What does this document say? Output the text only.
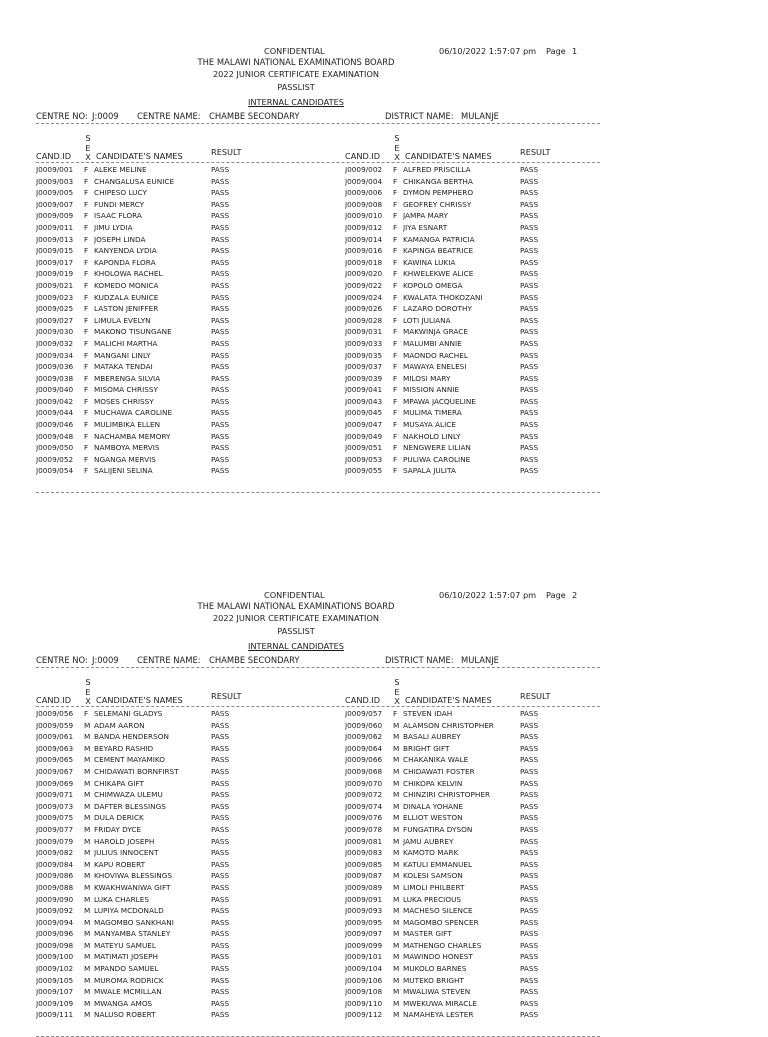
CONFIDENTIAL	06/10/2022 1:57:07 pm Page 1
THE MALAWI NATIONAL EXAMINATIONS BOARD
2022 JUNIOR CERTIFICATE EXAMINATION
PASSLIST
INTERNAL CANDIDATES
CENTRE NO: J:0009 CENTRE NAME: CHAMBE SECONDARY	DISTRICT NAME: MULANJE
CAND.ID
S
E
X CANDIDATE'S NAMES	RESULT
J0009/001	F ALEKE MELINE	PASS
J0009/003	F CHANGALUSA EUNICE	PASS
J0009/005	F CHIPESO LUCY	PASS
J0009/007	F FUNDI MERCY	PASS
J0009/009	F ISAAC FLORA	PASS
J0009/011	F JIMU LYDIA	PASS
J0009/013	F JOSEPH LINDA	PASS
J0009/015	F KANYENDA LYDIA	PASS
J0009/017	F KAPONDA FLORA	PASS
J0009/019	F KHOLOWA RACHEL	PASS
J0009/021	F KOMEDO MONICA	PASS
J0009/023	F KUDZALA EUNICE	PASS
J0009/025	F LASTON JENIFFER	PASS
J0009/027	F LIMULA EVELYN	PASS
J0009/030	F MAKONO TISUNGANE	PASS
J0009/032	F MALICHI MARTHA	PASS
J0009/034	F MANGANI LINLY	PASS
J0009/036	F MATAKA TENDAI	PASS
J0009/038	F MBERENGA SILVIA	PASS
J0009/040	F MISOMA CHRISSY	PASS
J0009/042	F MOSES CHRISSY	PASS
J0009/044	F MUCHAWA CAROLINE	PASS
J0009/046	F MULIMBIKA ELLEN	PASS
J0009/048	F NACHAMBA MEMORY	PASS
J0009/050	F NAMBOYA MERVIS	PASS
J0009/052	F NGANGA MERVIS	PASS
J0009/054	F SALIJENI SELINA	PASS
CAND.ID
S
E
X CANDIDATE'S NAMES	RESULT
J0009/002	F ALFRED PRISCILLA	PASS
J0009/004	F CHIKANGA BERTHA	PASS
J0009/006	F DYMON PEMPHERO	PASS
J0009/008	F GEOFREY CHRISSY	PASS
J0009/010	F JAMPA MARY	PASS
J0009/012	F JIYA ESNART	PASS
J0009/014	F KAMANGA PATRICIA	PASS
J0009/016	F KAPINGA BEATRICE	PASS
J0009/018	F KAWINA LUKIA	PASS
J0009/020	F KHWELEKWE ALICE	PASS
J0009/022	F KOPOLO OMEGA	PASS
J0009/024	F KWALATA THOKOZANI	PASS
J0009/026	F LAZARO DOROTHY	PASS
J0009/028	F LOTI JULIANA	PASS
J0009/031	F MAKWINJA GRACE	PASS
J0009/033	F MALUMBI ANNIE	PASS
J0009/035	F MAONDO RACHEL	PASS
J0009/037	F MAWAYA ENELESI	PASS
J0009/039	F MILOSI MARY	PASS
J0009/041	F MISSION ANNIE	PASS
J0009/043	F MPAWA JACQUELINE	PASS
J0009/045	F MULIMA TIMERA	PASS
J0009/047	F MUSAYA ALICE	PASS
J0009/049	F NAKHOLO LINLY	PASS
J0009/051	F NENGWERE LILIAN	PASS
J0009/053	F PULIWA CAROLINE	PASS
J0009/055	F SAPALA JULITA	PASS
CONFIDENTIAL	06/10/2022 1:57:07 pm Page 2
THE MALAWI NATIONAL EXAMINATIONS BOARD
2022 JUNIOR CERTIFICATE EXAMINATION
PASSLIST
INTERNAL CANDIDATES
CENTRE NO: J:0009 CENTRE NAME: CHAMBE SECONDARY	DISTRICT NAME: MULANJE
CAND.ID
S
E
X CANDIDATE'S NAMES	RESULT
J0009/056	F SELEMANI GLADYS	PASS
J0009/059	M ADAM AARON	PASS
J0009/061	M BANDA HENDERSON	PASS
J0009/063	M BEYARD RASHID	PASS
J0009/065	M CEMENT MAYAMIKO	PASS
J0009/067	M CHIDAWATI BORNFIRST	PASS
J0009/069	M CHIKAPA GIFT	PASS
J0009/071	M CHIMWAZA ULEMU	PASS
J0009/073	M DAFTER BLESSINGS	PASS
J0009/075	M DULA DERICK	PASS
J0009/077	M FRIDAY DYCE	PASS
J0009/079	M HAROLD JOSEPH	PASS
J0009/082	M JULIUS INNOCENT	PASS
J0009/084	M KAPU ROBERT	PASS
J0009/086	M KHOVIWA BLESSINGS	PASS
J0009/088	M KWAKHWANIWA GIFT	PASS
J0009/090	M LUKA CHARLES	PASS
J0009/092	M LUPIYA MCDONALD	PASS
J0009/094	M MAGOMBO SANKHANI	PASS
J0009/096	M MANYAMBA STANLEY	PASS
J0009/098	M MATEYU SAMUEL	PASS
J0009/100	M MATIMATI JOSEPH	PASS
J0009/102	M MPANDO SAMUEL	PASS
J0009/105	M MUROMA RODRICK	PASS
J0009/107	M MWALE MCMILLAN	PASS
J0009/109	M MWANGA AMOS	PASS
J0009/111	M NALUSO ROBERT	PASS
CAND.ID
S
E
X CANDIDATE'S NAMES	RESULT
J0009/057	F STEVEN IDAH	PASS
J0009/060	M ALAMSON CHRISTOPHER	PASS
J0009/062	M BASALI AUBREY	PASS
J0009/064	M BRIGHT GIFT	PASS
J0009/066	M CHAKANIKA WALE	PASS
J0009/068	M CHIDAWATI FOSTER	PASS
J0009/070	M CHIKOPA KELVIN	PASS
J0009/072	M CHINZIRI CHRISTOPHER	PASS
J0009/074	M DINALA YOHANE	PASS
J0009/076	M ELLIOT WESTON	PASS
J0009/078	M FUNGATIRA DYSON	PASS
J0009/081	M JAMU AUBREY	PASS
J0009/083	M KAMOTO MARK	PASS
J0009/085	M KATULI EMMANUEL	PASS
J0009/087	M KOLESI SAMSON	PASS
J0009/089	M LIMOLI PHILBERT	PASS
J0009/091	M LUKA PRECIOUS	PASS
J0009/093	M MACHESO SILENCE	PASS
J0009/095	M MAGOMBO SPENCER	PASS
J0009/097	M MASTER GIFT	PASS
J0009/099	M MATHENGO CHARLES	PASS
J0009/101	M MAWINDO HONEST	PASS
J0009/104	M MUKOLO BARNES	PASS
J0009/106	M MUTEKO BRIGHT	PASS
J0009/108	M MWALIWA STEVEN	PASS
J0009/110	M MWEKUWA MIRACLE	PASS
J0009/112	M NAMAHEYA LESTER	PASS
